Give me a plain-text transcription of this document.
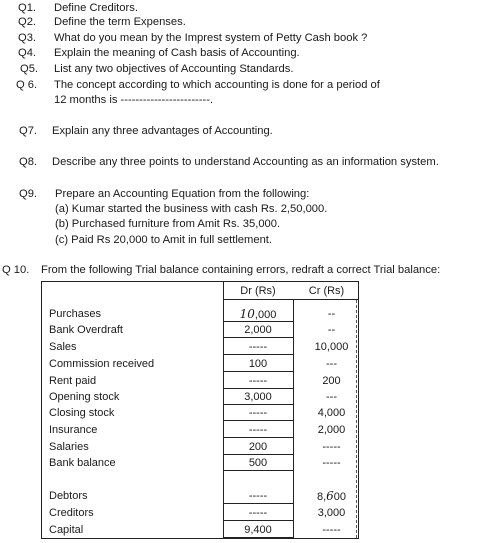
Q1. Define Creditors.
Q2. Define the term Expenses.
Q3. What do you mean by the Imprest system of Petty Cash book ?
Q4. Explain the meaning of Cash basis of Accounting.
Q5. List any two objectives of Accounting Standards.
Q 6. The concept according to which accounting is done for a period of
12 months is ------------------------.
Q7. Explain any three advantages of Accounting.
Q8. Describe any three points to understand Accounting as an information system.
Q9. Prepare an Accounting Equation from the following:
(a) Kumar started the business with cash Rs. 2,50,000.
(b) Purchased furniture from Amit Rs. 35,000.
(c) Paid Rs 20,000 to Amit in full settlement.
Q 10. From the following Trial balance containing errors, redraft a correct Trial balance:
Dr (Rs)	Cr (Rs)
Purchases	10,000	--
Bank Overdraft	2,000	--
Sales	-----	10,000
Commission received	100	---
Rent paid	-----	200
Opening stock	3,000	---
Closing stock	-----	4,000
Insurance	-----	2,000
Salaries	200	-----
Bank balance	500	-----
Debtors	-----	8,600
Creditors	-----	3,000
Capital	9,400	-----
